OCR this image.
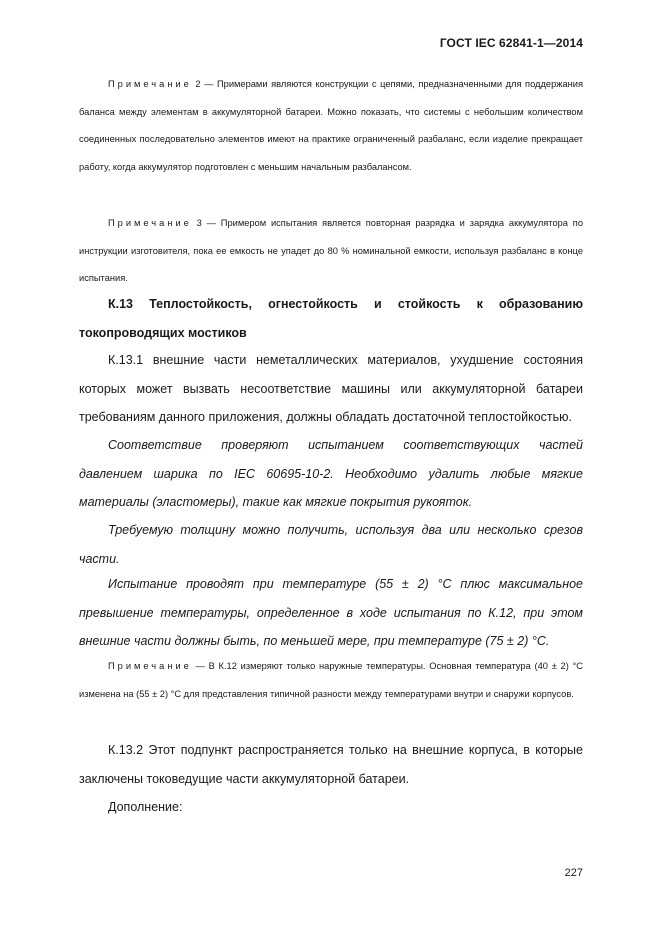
ГОСТ IEC 62841-1—2014

Примечание 2 — Примерами являются конструкции с цепями, предназначенными для поддержания баланса между элементам в аккумуляторной батареи. Можно показать, что системы с небольшим количеством соединенных последовательно элементов имеют на практике ограниченный разбаланс, если изделие прекращает работу, когда аккумулятор подготовлен с меньшим начальным разбалансом.

Примечание 3 — Примером испытания является повторная разрядка и зарядка аккумулятора по инструкции изготовителя, пока ее емкость не упадет до 80 % номинальной емкости, используя разбаланс в конце испытания.

К.13 Теплостойкость, огнестойкость и стойкость к образованию токопроводящих мостиков

К.13.1 внешние части неметаллических материалов, ухудшение состояния которых может вызвать несоответствие машины или аккумуляторной батареи требованиям данного приложения, должны обладать достаточной теплостойкостью.

Соответствие проверяют испытанием соответствующих частей давлением шарика по IEC 60695-10-2. Необходимо удалить любые мягкие материалы (эластомеры), такие как мягкие покрытия рукояток.

Требуемую толщину можно получить, используя два или несколько срезов части.

Испытание проводят при температуре (55 ± 2) °С плюс максимальное превышение температуры, определенное в ходе испытания по К.12, при этом внешние части должны быть, по меньшей мере, при температуре (75 ± 2) °С.

Примечание — В К.12 измеряют только наружные температуры. Основная температура (40 ± 2) °С изменена на (55 ± 2) °С для представления типичной разности между температурами внутри и снаружи корпусов.

К.13.2 Этот подпункт распространяется только на внешние корпуса, в которые заключены токоведущие части аккумуляторной батареи.

Дополнение:

227
